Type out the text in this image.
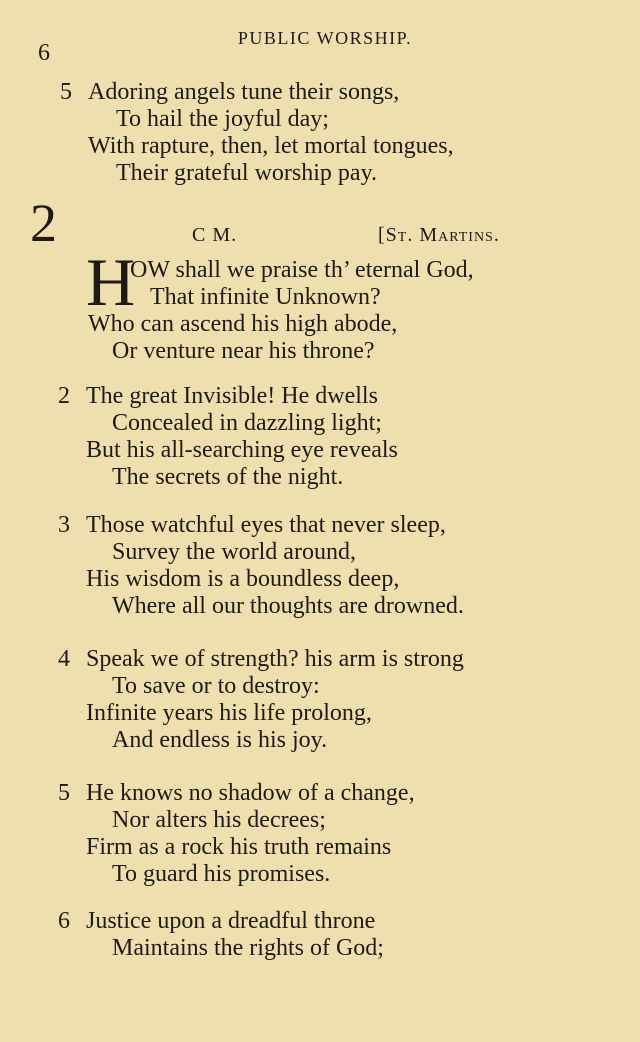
6
PUBLIC WORSHIP.
5 Adoring angels tune their songs,
To hail the joyful day;
With rapture, then, let mortal tongues,
Their grateful worship pay.
2	C M.	[St. Martins.
H
OW shall we praise th’ eternal God,
That infinite Unknown?
Who can ascend his high abode,
Or venture near his throne?
2 The great Invisible! He dwells
Concealed in dazzling light;
But his all-searching eye reveals
The secrets of the night.
3 Those watchful eyes that never sleep,
Survey the world around,
His wisdom is a boundless deep,
Where all our thoughts are drowned.
4 Speak we of strength? his arm is strong
To save or to destroy:
Infinite years his life prolong,
And endless is his joy.
5 He knows no shadow of a change,
Nor alters his decrees;
Firm as a rock his truth remains
To guard his promises.
6 Justice upon a dreadful throne
Maintains the rights of God;
